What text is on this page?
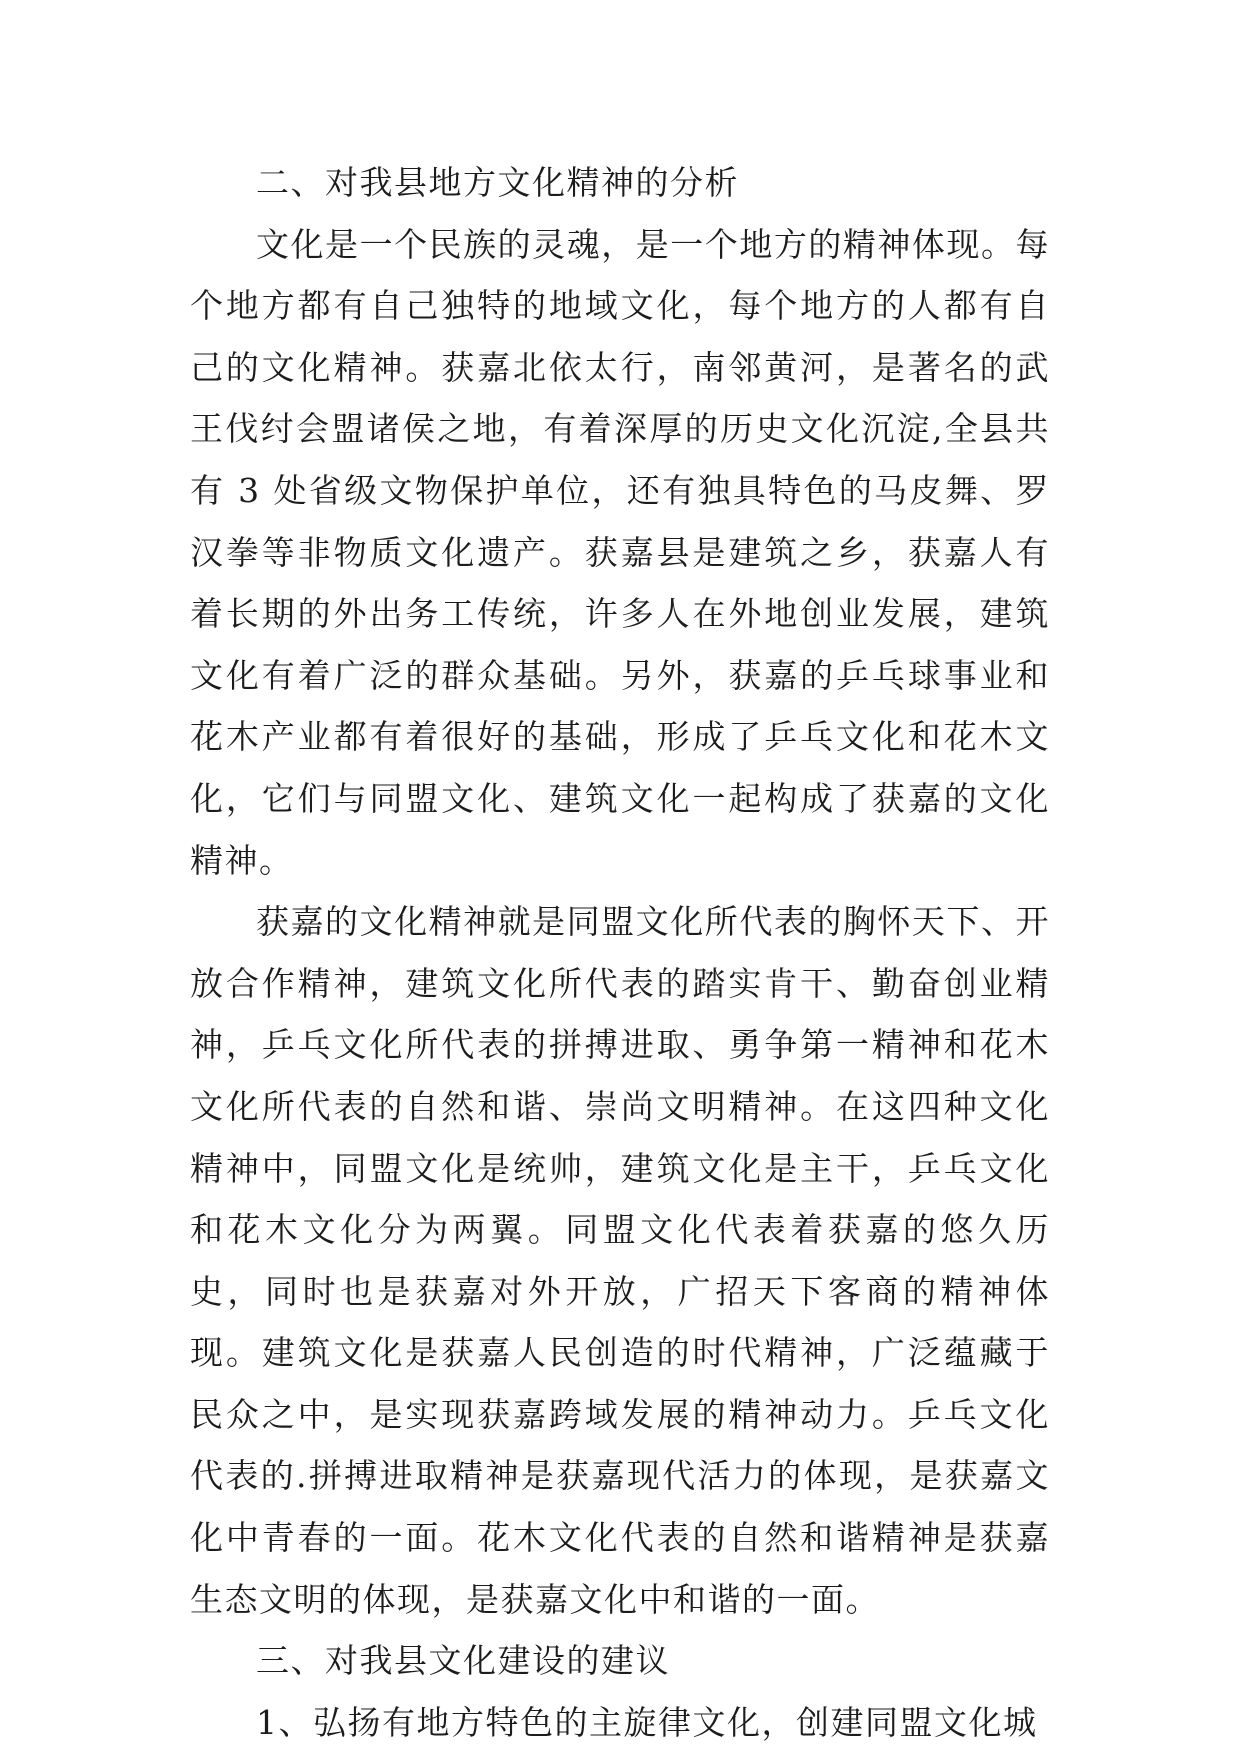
二、对我县地方文化精神的分析

文化是一个民族的灵魂，是一个地方的精神体现。每个地方都有自己独特的地域文化，每个地方的人都有自己的文化精神。获嘉北依太行，南邻黄河，是著名的武王伐纣会盟诸侯之地，有着深厚的历史文化沉淀,全县共有 3 处省级文物保护单位，还有独具特色的马皮舞、罗汉拳等非物质文化遗产。获嘉县是建筑之乡，获嘉人有着长期的外出务工传统，许多人在外地创业发展，建筑文化有着广泛的群众基础。另外，获嘉的乒乓球事业和花木产业都有着很好的基础，形成了乒乓文化和花木文化，它们与同盟文化、建筑文化一起构成了获嘉的文化精神。

获嘉的文化精神就是同盟文化所代表的胸怀天下、开放合作精神，建筑文化所代表的踏实肯干、勤奋创业精神，乒乓文化所代表的拼搏进取、勇争第一精神和花木文化所代表的自然和谐、崇尚文明精神。在这四种文化精神中，同盟文化是统帅，建筑文化是主干，乒乓文化和花木文化分为两翼。同盟文化代表着获嘉的悠久历史，同时也是获嘉对外开放，广招天下客商的精神体现。建筑文化是获嘉人民创造的时代精神，广泛蕴藏于民众之中，是实现获嘉跨域发展的精神动力。乒乓文化代表的.拼搏进取精神是获嘉现代活力的体现，是获嘉文化中青春的一面。花木文化代表的自然和谐精神是获嘉生态文明的体现，是获嘉文化中和谐的一面。

三、对我县文化建设的建议

1、弘扬有地方特色的主旋律文化，创建同盟文化城
